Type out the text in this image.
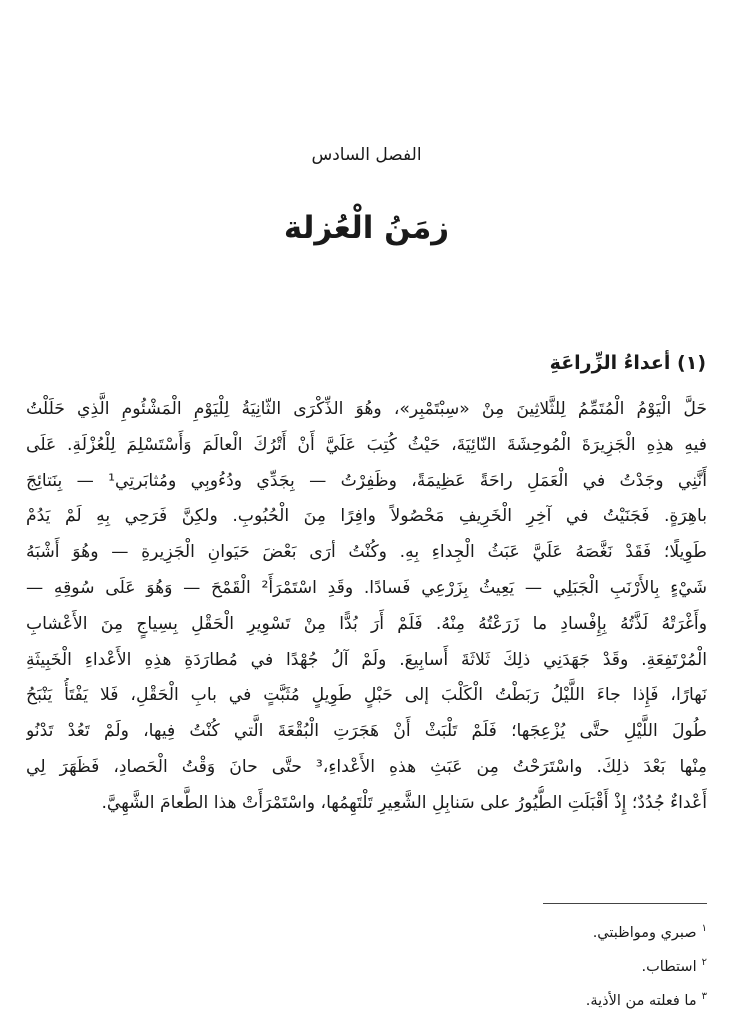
الفصل السادس
زمَنُ الْعُزلة
(١) أعداءُ الزِّراعَةِ
حَلَّ الْيَوْمُ الْمُتَمِّمُ لِلثَّلاثِينَ مِنْ «سِبْتَمْبِر»، وهُوَ الذِّكْرَى الثّانِيَةُ لِلْيَوْمِ الْمَشْئُومِ الَّذِي حَلَلْتُ
فيهِ هذِهِ الْجَزِيرَةَ الْمُوحِشَةَ النّائِيَةَ، حَيْثُ كُتِبَ عَلَيَّ أَنْ أَتْرُكَ الْعالَمَ وَأَسْتَسْلِمَ لِلْعُزْلَةِ. عَلَى
أَنَّنِي وجَدْتُ في الْعَمَلِ راحَةً عَظِيمَةً، وظَفِرْتُ — بِجَدِّي ودُءُوبِي ومُثابَرتِي¹ — بِنَتائِجَ
باهِرَةٍ. فَجَنَيْتُ في آخِرِ الْخَرِيفِ مَحْصُولاً وافِرًا مِنَ الْحُبُوبِ. ولكِنَّ فَرَحِي بِهِ لَمْ يَدُمْ
طَوِيلًا؛ فَقَدْ نَغَّصَهُ عَلَيَّ عَبَثُ الْجِداءِ بِهِ. وكُنْتُ أرَى بَعْضَ حَيَوانِ الْجَزِيرةِ — وهُوَ أَشْبَهُ
شَيْءٍ بِالأَرْنَبِ الْجَبَلِي — يَعِيثُ بِزَرْعِي فَسادًا. وقَدِ اسْتَمْرَأَ² الْقَمْحَ — وَهُوَ عَلَى سُوقِهِ —
وأَغْرَتْهُ لَذَّتُهُ بِإِفْسادِ ما زَرَعْتُهُ مِنْهُ. فَلَمْ أَرَ بُدًّا مِنْ تَسْوِيرِ الْحَقْلِ بِسِياجٍ مِنَ الأَعْشابِ
الْمُرْتَفِعَةِ. وقَدْ جَهَدَنِي ذلِكَ ثَلاثَةَ أَسابِيعَ. ولَمْ آلُ جُهْدًا في مُطارَدَةِ هذِهِ الأَعْداءِ الْخَبِيثَةِ
نَهارًا، فَإِذا جاءَ اللَّيْلُ رَبَطْتُ الْكَلْبَ إلى حَبْلٍ طَوِيلٍ مُثَبَّتٍ في بابِ الْحَقْلِ، فَلا يَفْتَأُ يَنْبَحُ
طُولَ اللَّيْلِ حتَّى يُزْعِجَها؛ فَلَمْ تَلْبَثْ أَنْ هَجَرَتِ الْبُقْعَةَ الَّتي كُنْتُ فِيها، ولَمْ تَعُدْ تَدْنُو
مِنْها بَعْدَ ذلِكَ. واسْتَرَحْتُ مِن عَبَثِ هذهِ الأَعْداءِ،³ حتَّى حانَ وَقْتُ الْحَصادِ، فَظَهَرَ لِي
أَعْداءٌ جُدُدٌ؛ إِذْ أَقْبَلَتِ الطُّيُورُ على سَنابِلِ الشَّعِيرِ تَلْتَهِمُها، واسْتَمْرَأَتْ هذا الطَّعامَ الشَّهِيَّ.
$^١$صبري ومواظبتي.
$^٢$استطاب.
$^٣$ما فعلته من الأذية.
